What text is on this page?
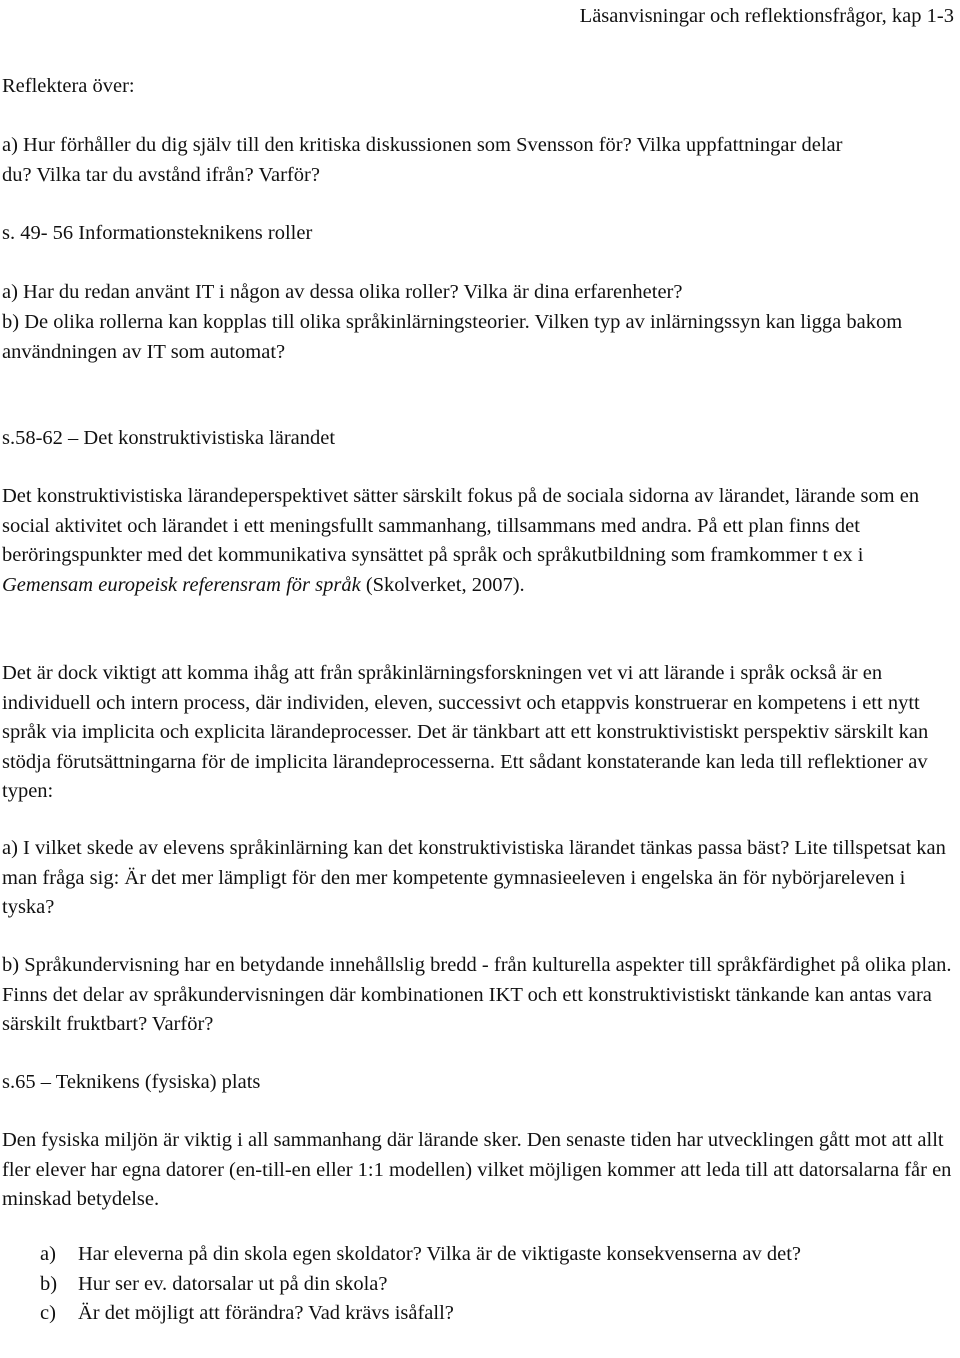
Läsanvisningar och reflektionsfrågor, kap 1-3

Reflektera över:

a) Hur förhåller du dig själv till den kritiska diskussionen som Svensson för? Vilka uppfattningar delar du? Vilka tar du avstånd ifrån? Varför?

s. 49- 56 Informationsteknikens roller

a) Har du redan använt IT i någon av dessa olika roller? Vilka är dina erfarenheter?

b) De olika rollerna kan kopplas till olika språkinlärningsteorier. Vilken typ av inlärningssyn kan ligga bakom användningen av IT som automat?

s.58-62 – Det konstruktivistiska lärandet

Det konstruktivistiska lärandeperspektivet sätter särskilt fokus på de sociala sidorna av lärandet, lärande som en social aktivitet och lärandet i ett meningsfullt sammanhang, tillsammans med andra. På ett plan finns det beröringspunkter med det kommunikativa synsättet på språk och språkutbildning som framkommer t ex i Gemensam europeisk referensram för språk (Skolverket, 2007).

Det är dock viktigt att komma ihåg att från språkinlärningsforskningen vet vi att lärande i språk också är en individuell och intern process, där individen, eleven, successivt och etappvis konstruerar en kompetens i ett nytt språk via implicita och explicita lärandeprocesser. Det är tänkbart att ett konstruktivistiskt perspektiv särskilt kan stödja förutsättningarna för de implicita lärandeprocesserna. Ett sådant konstaterande kan leda till reflektioner av typen:

a) I vilket skede av elevens språkinlärning kan det konstruktivistiska lärandet tänkas passa bäst? Lite tillspetsat kan man fråga sig: Är det mer lämpligt för den mer kompetente gymnasieeleven i engelska än för nybörjareleven i tyska?

b) Språkundervisning har en betydande innehållslig bredd - från kulturella aspekter till språkfärdighet på olika plan. Finns det delar av språkundervisningen där kombinationen IKT och ett konstruktivistiskt tänkande kan antas vara särskilt fruktbart? Varför?

s.65 – Teknikens (fysiska) plats

Den fysiska miljön är viktig i all sammanhang där lärande sker. Den senaste tiden har utvecklingen gått mot att allt fler elever har egna datorer (en-till-en eller 1:1 modellen) vilket möjligen kommer att leda till att datorsalarna får en minskad betydelse.

a)	Har eleverna på din skola egen skoldator? Vilka är de viktigaste konsekvenserna av det?
b)	Hur ser ev. datorsalar ut på din skola?
c)	Är det möjligt att förändra? Vad krävs isåfall?
